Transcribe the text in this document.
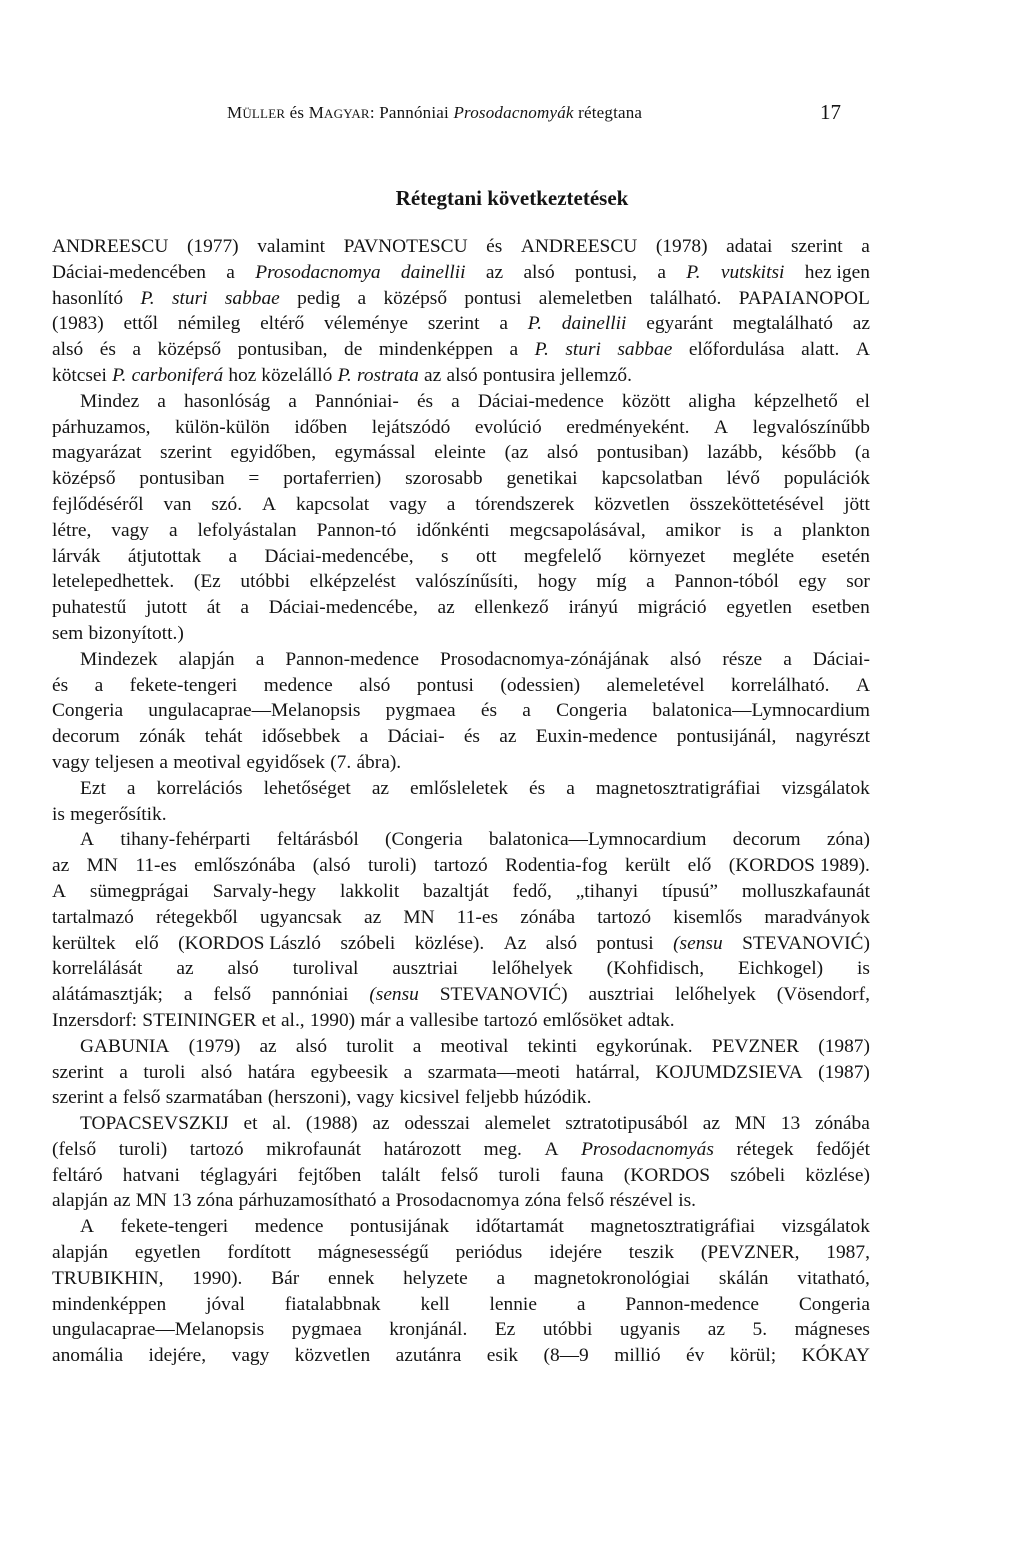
MÜLLER és MAGYAR: Pannóniai Prosodacnomyák rétegtana	17
Rétegtani következtetések
ANDREESCU (1977) valamint PAVNOTESCU és ANDREESCU (1978) adatai szerint a
Dáciai-medencében a Prosodacnomya dainellii az alsó pontusi, a P. vutskitsi hez igen
hasonlító P. sturi sabbae pedig a középső pontusi alemeletben található. PAPAIANOPOL
(1983) ettől némileg eltérő véleménye szerint a P. dainellii egyaránt megtalálható az
alsó és a középső pontusiban, de mindenképpen a P. sturi sabbae előfordulása alatt. A
kötcsei P. carboniferá hoz közelálló P. rostrata az alsó pontusira jellemző.
Mindez a hasonlóság a Pannóniai- és a Dáciai-medence között aligha képzelhető el
párhuzamos, külön-külön időben lejátszódó evolúció eredményeként. A legvalószínűbb
magyarázat szerint egyidőben, egymással eleinte (az alsó pontusiban) lazább, később (a
középső pontusiban = portaferrien) szorosabb genetikai kapcsolatban lévő populációk
fejlődéséről van szó. A kapcsolat vagy a tórendszerek közvetlen összeköttetésével jött
létre, vagy a lefolyástalan Pannon-tó időnkénti megcsapolásával, amikor is a plankton
lárvák átjutottak a Dáciai-medencébe, s ott megfelelő környezet megléte esetén
letelepedhettek. (Ez utóbbi elképzelést valószínűsíti, hogy míg a Pannon-tóból egy sor
puhatestű jutott át a Dáciai-medencébe, az ellenkező irányú migráció egyetlen esetben
sem bizonyított.)
Mindezek alapján a Pannon-medence Prosodacnomya-zónájának alsó része a Dáciai-
és a fekete-tengeri medence alsó pontusi (odessien) alemeletével korrelálható. A
Congeria ungulacaprae—Melanopsis pygmaea és a Congeria balatonica—Lymnocardium
decorum zónák tehát idősebbek a Dáciai- és az Euxin-medence pontusijánál, nagyrészt
vagy teljesen a meotival egyidősek (7. ábra).
Ezt a korrelációs lehetőséget az emlősleletek és a magnetosztratigráfiai vizsgálatok
is megerősítik.
A tihany-fehérparti feltárásból (Congeria balatonica—Lymnocardium decorum zóna)
az MN 11-es emlőszónába (alsó turoli) tartozó Rodentia-fog került elő (KORDOS 1989).
A sümegprágai Sarvaly-hegy lakkolit bazaltját fedő, „tihanyi típusú” molluszkafaunát
tartalmazó rétegekből ugyancsak az MN 11-es zónába tartozó kisemlős maradványok
kerültek elő (KORDOS László szóbeli közlése). Az alsó pontusi (sensu STEVANOVIĆ)
korrelálását az alsó turolival ausztriai lelőhelyek (Kohfidisch, Eichkogel) is
alátámasztják; a felső pannóniai (sensu STEVANOVIĆ) ausztriai lelőhelyek (Vösendorf,
Inzersdorf: STEININGER et al., 1990) már a vallesibe tartozó emlősöket adtak.
GABUNIA (1979) az alsó turolit a meotival tekinti egykorúnak. PEVZNER (1987)
szerint a turoli alsó határa egybeesik a szarmata—meoti határral, KOJUMDZSIEVA (1987)
szerint a felső szarmatában (herszoni), vagy kicsivel feljebb húzódik.
TOPACSEVSZKIJ et al. (1988) az odesszai alemelet sztratotipusából az MN 13 zónába
(felső turoli) tartozó mikrofaunát határozott meg. A Prosodacnomyás rétegek fedőjét
feltáró hatvani téglagyári fejtőben talált felső turoli fauna (KORDOS szóbeli közlése)
alapján az MN 13 zóna párhuzamosítható a Prosodacnomya zóna felső részével is.
A fekete-tengeri medence pontusijának időtartamát magnetosztratigráfiai vizsgálatok
alapján egyetlen fordított mágnesességű periódus idejére teszik (PEVZNER, 1987,
TRUBIKHIN, 1990). Bár ennek helyzete a magnetokronológiai skálán vitatható,
mindenképpen jóval fiatalabbnak kell lennie a Pannon-medence Congeria
ungulacaprae—Melanopsis pygmaea kronjánál. Ez utóbbi ugyanis az 5. mágneses
anomália idejére, vagy közvetlen azutánra esik (8—9 millió év körül; KÓKAY
